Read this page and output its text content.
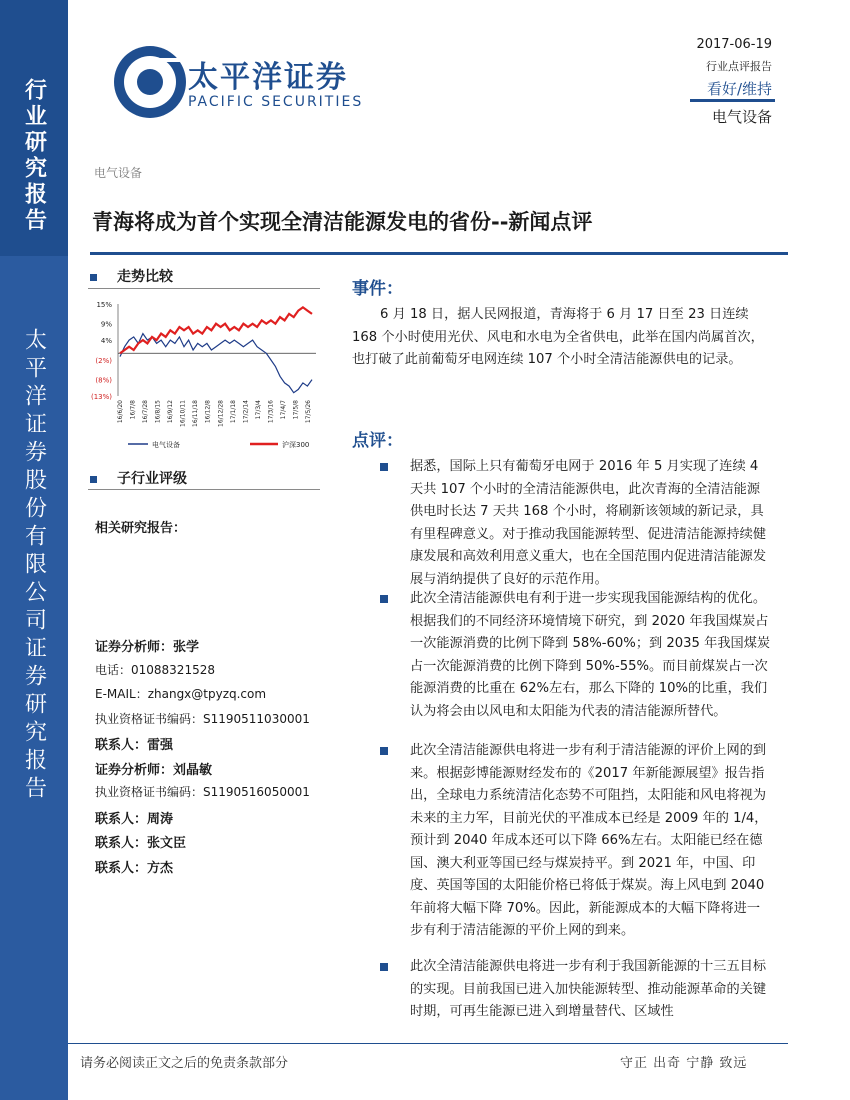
行业研究报告
太平洋证券股份有限公司证券研究报告
太平洋证券
PACIFIC SECURITIES
2017-06-19
行业点评报告
看好/维持
电气设备
电气设备
青海将成为首个实现全清洁能源发电的省份--新闻点评
走势比较
15%
9%
4%
(2%)
(8%)
(13%)
16/6/20 16/7/8 16/7/28 16/8/15 16/9/12 16/10/11 16/11/18 16/12/8 16/12/28 17/1/18 17/2/14 17/3/4 17/3/16 17/4/7 17/5/8 17/5/26
电气设备	沪深300
子行业评级
相关研究报告：
证券分析师：张学
电话：01088321528
E-MAIL：zhangx@tpyzq.com
执业资格证书编码：S1190511030001
联系人：雷强
证券分析师：刘晶敏
执业资格证书编码：S1190516050001
联系人：周涛
联系人：张文臣
联系人：方杰
事件：
6 月 18 日，据人民网报道，青海将于 6 月 17 日至 23 日连续 168 个小时使用光伏、风电和水电为全省供电，此举在国内尚属首次，也打破了此前葡萄牙电网连续 107 个小时全清洁能源供电的记录。
点评：
据悉，国际上只有葡萄牙电网于 2016 年 5 月实现了连续 4 天共 107 个小时的全清洁能源供电，此次青海的全清洁能源供电时长达 7 天共 168 个小时，将刷新该领域的新记录，具有里程碑意义。对于推动我国能源转型、促进清洁能源持续健康发展和高效利用意义重大，也在全国范围内促进清洁能源发展与消纳提供了良好的示范作用。
此次全清洁能源供电有利于进一步实现我国能源结构的优化。根据我们的不同经济环境情境下研究，到 2020 年我国煤炭占一次能源消费的比例下降到 58%-60%；到 2035 年我国煤炭占一次能源消费的比例下降到 50%-55%。而目前煤炭占一次能源消费的比重在 62%左右，那么下降的 10%的比重，我们认为将会由以风电和太阳能为代表的清洁能源所替代。
此次全清洁能源供电将进一步有利于清洁能源的评价上网的到来。根据彭博能源财经发布的《2017 年新能源展望》报告指出，全球电力系统清洁化态势不可阻挡，太阳能和风电将视为未来的主力军，目前光伏的平准成本已经是 2009 年的 1/4，预计到 2040 年成本还可以下降 66%左右。太阳能已经在德国、澳大利亚等国已经与煤炭持平。到 2021 年，中国、印度、英国等国的太阳能价格已将低于煤炭。海上风电到 2040 年前将大幅下降 70%。因此，新能源成本的大幅下降将进一步有利于清洁能源的平价上网的到来。
此次全清洁能源供电将进一步有利于我国新能源的十三五目标的实现。目前我国已进入加快能源转型、推动能源革命的关键时期，可再生能源已进入到增量替代、区域性
请务必阅读正文之后的免责条款部分	守正 出奇 宁静 致远
